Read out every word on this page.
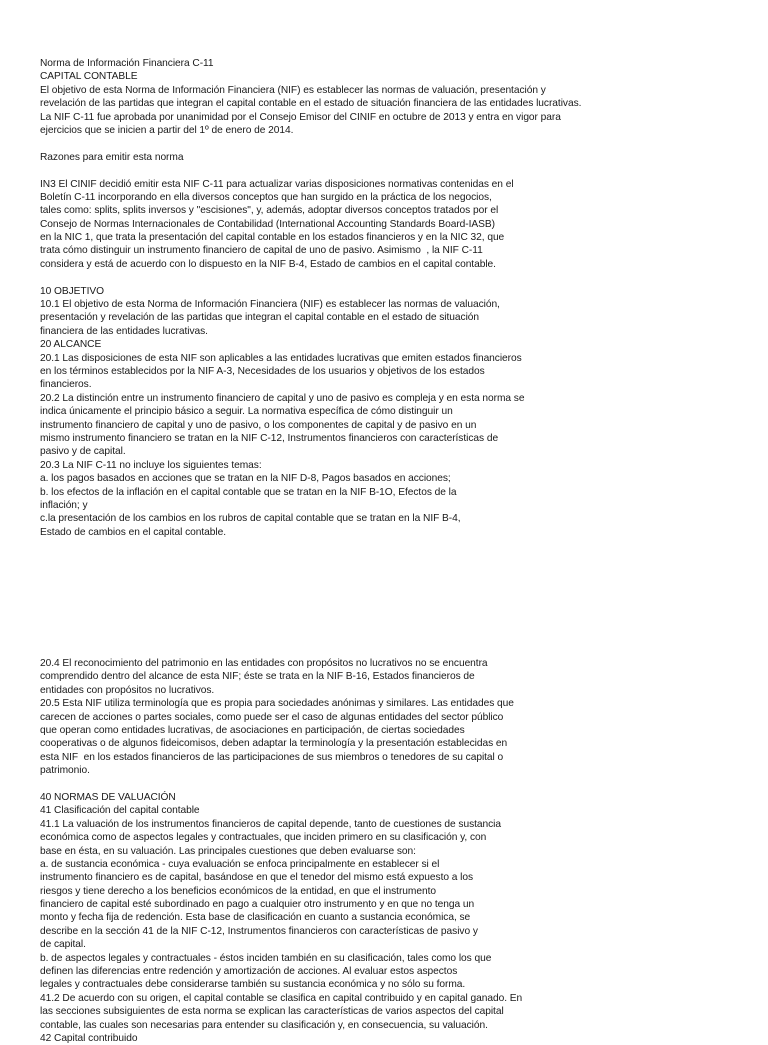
Norma de Información Financiera C-11
CAPITAL CONTABLE
El objetivo de esta Norma de Información Financiera (NIF) es establecer las normas de valuación, presentación y
revelación de las partidas que integran el capital contable en el estado de situación financiera de las entidades lucrativas.
La NIF C-11 fue aprobada por unanimidad por el Consejo Emisor del CINIF en octubre de 2013 y entra en vigor para
ejercicios que se inicien a partir del 1º de enero de 2014.
Razones para emitir esta norma
IN3 El CINIF decidió emitir esta NIF C-11 para actualizar varias disposiciones normativas contenidas en el
Boletín C-11 incorporando en ella diversos conceptos que han surgido en la práctica de los negocios,
tales como: splits, splits inversos y "escisiones", y, además, adoptar diversos conceptos tratados por el
Consejo de Normas Internacionales de Contabilidad (International Accounting Standards Board-IASB)
en la NIC 1, que trata la presentación del capital contable en los estados financieros y en la NIC 32, que
trata cómo distinguir un instrumento financiero de capital de uno de pasivo. Asimismo  , la NIF C-11
considera y está de acuerdo con lo dispuesto en la NIF B-4, Estado de cambios en el capital contable.
10 OBJETIVO
10.1 El objetivo de esta Norma de Información Financiera (NIF) es establecer las normas de valuación,
presentación y revelación de las partidas que integran el capital contable en el estado de situación
financiera de las entidades lucrativas.
20 ALCANCE
20.1 Las disposiciones de esta NIF son aplicables a las entidades lucrativas que emiten estados financieros
en los términos establecidos por la NIF A-3, Necesidades de los usuarios y objetivos de los estados
financieros.
20.2 La distinción entre un instrumento financiero de capital y uno de pasivo es compleja y en esta norma se
indica únicamente el principio básico a seguir. La normativa específica de cómo distinguir un
instrumento financiero de capital y uno de pasivo, o los componentes de capital y de pasivo en un
mismo instrumento financiero se tratan en la NIF C-12, Instrumentos financieros con características de
pasivo y de capital.
20.3 La NIF C-11 no incluye los siguientes temas:
a. los pagos basados en acciones que se tratan en la NIF D-8, Pagos basados en acciones;
b. los efectos de la inflación en el capital contable que se tratan en la NIF B-1O, Efectos de la
inflación; y
c.la presentación de los cambios en los rubros de capital contable que se tratan en la NIF B-4,
Estado de cambios en el capital contable.
20.4 El reconocimiento del patrimonio en las entidades con propósitos no lucrativos no se encuentra
comprendido dentro del alcance de esta NIF; éste se trata en la NIF B-16, Estados financieros de
entidades con propósitos no lucrativos.
20.5 Esta NIF utiliza terminología que es propia para sociedades anónimas y similares. Las entidades que
carecen de acciones o partes sociales, como puede ser el caso de algunas entidades del sector público
que operan como entidades lucrativas, de asociaciones en participación, de ciertas sociedades
cooperativas o de algunos fideicomisos, deben adaptar la terminología y la presentación establecidas en
esta NIF  en los estados financieros de las participaciones de sus miembros o tenedores de su capital o
patrimonio.
40 NORMAS DE VALUACIÓN
41 Clasificación del capital contable
41.1 La valuación de los instrumentos financieros de capital depende, tanto de cuestiones de sustancia
económica como de aspectos legales y contractuales, que inciden primero en su clasificación y, con
base en ésta, en su valuación. Las principales cuestiones que deben evaluarse son:
a. de sustancia económica - cuya evaluación se enfoca principalmente en establecer si el
instrumento financiero es de capital, basándose en que el tenedor del mismo está expuesto a los
riesgos y tiene derecho a los beneficios económicos de la entidad, en que el instrumento
financiero de capital esté subordinado en pago a cualquier otro instrumento y en que no tenga un
monto y fecha fija de redención. Esta base de clasificación en cuanto a sustancia económica, se
describe en la sección 41 de la NIF C-12, Instrumentos financieros con características de pasivo y
de capital.
b. de aspectos legales y contractuales - éstos inciden también en su clasificación, tales como los que
definen las diferencias entre redención y amortización de acciones. Al evaluar estos aspectos
legales y contractuales debe considerarse también su sustancia económica y no sólo su forma.
41.2 De acuerdo con su origen, el capital contable se clasifica en capital contribuido y en capital ganado. En
las secciones subsiguientes de esta norma se explican las características de varios aspectos del capital
contable, las cuales son necesarias para entender su clasificación y, en consecuencia, su valuación.
42 Capital contribuido
